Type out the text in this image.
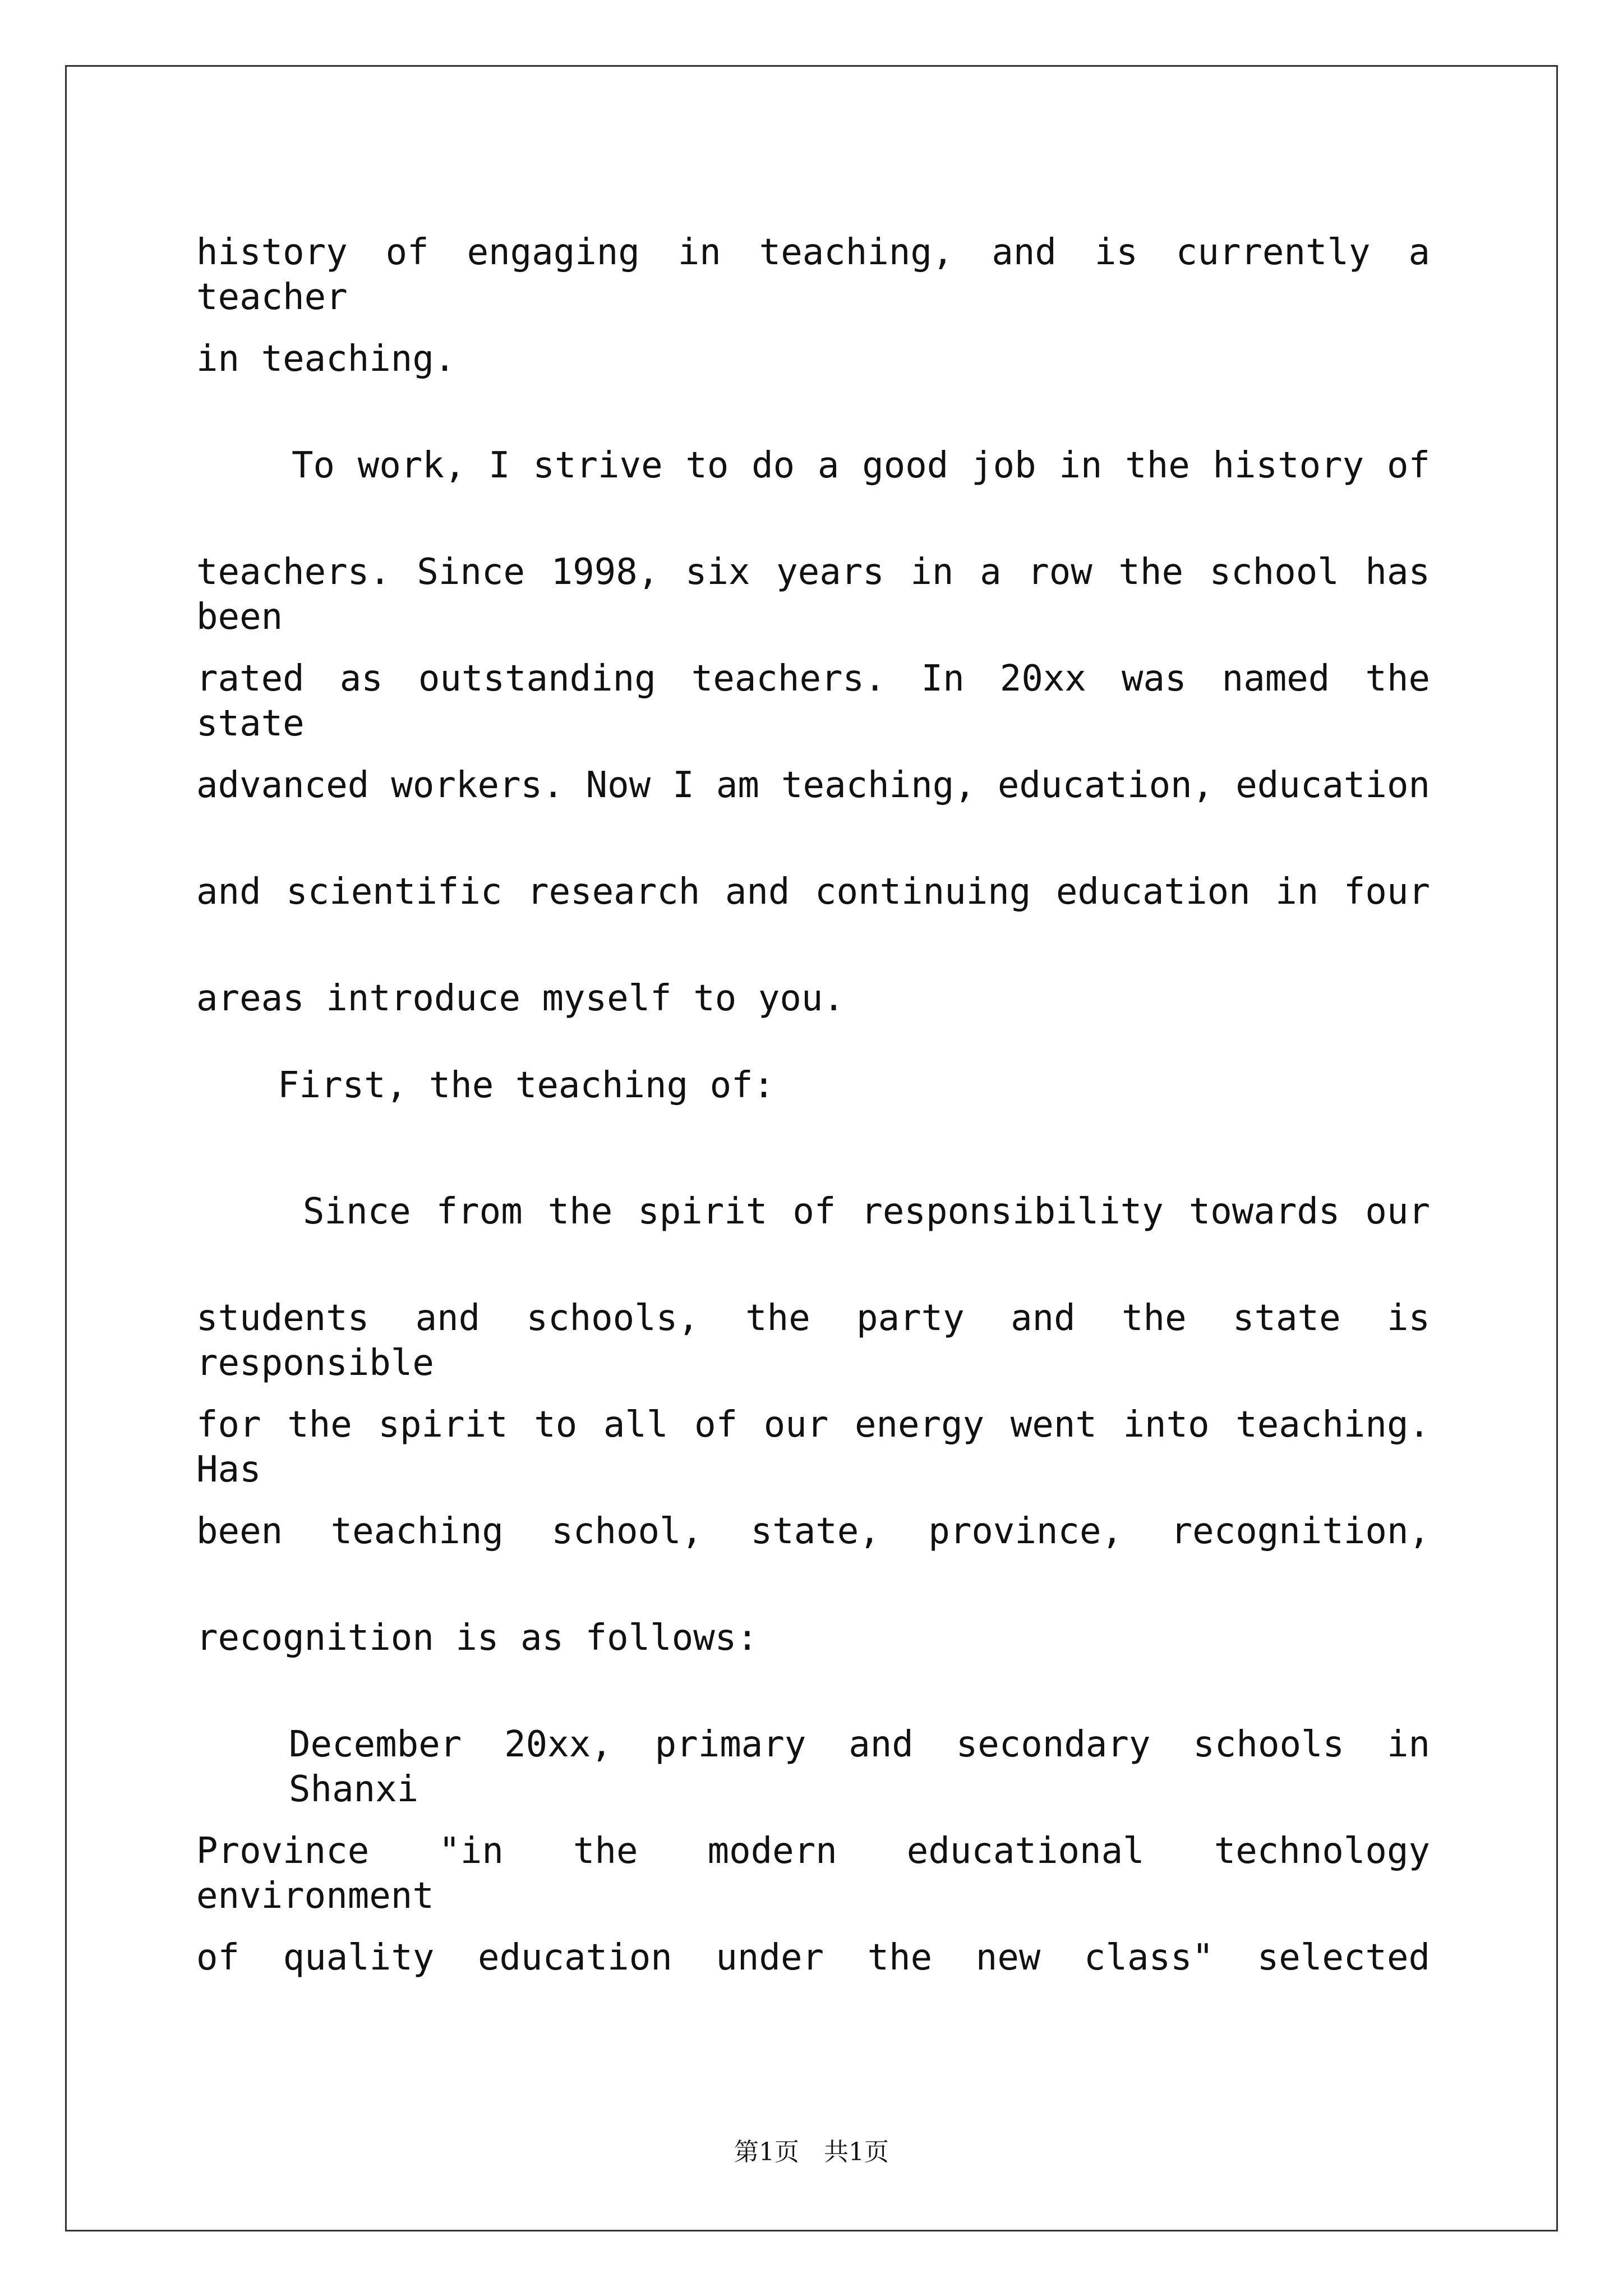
history of engaging in teaching, and is currently a teacher
in teaching.
To work, I strive to do a good job in the history of
teachers. Since 1998, six years in a row the school has been
rated as outstanding teachers. In 20xx was named the state
advanced workers. Now I am teaching, education, education
and scientific research and continuing education in four
areas introduce myself to you.
First, the teaching of:
Since from the spirit of responsibility towards our
students and schools, the party and the state is responsible
for the spirit to all of our energy went into teaching. Has
been teaching school, state, province, recognition,
recognition is as follows:
December 20xx, primary and secondary schools in Shanxi
Province "in the modern educational technology environment
of quality education under the new class" selected
第1页　共1页
